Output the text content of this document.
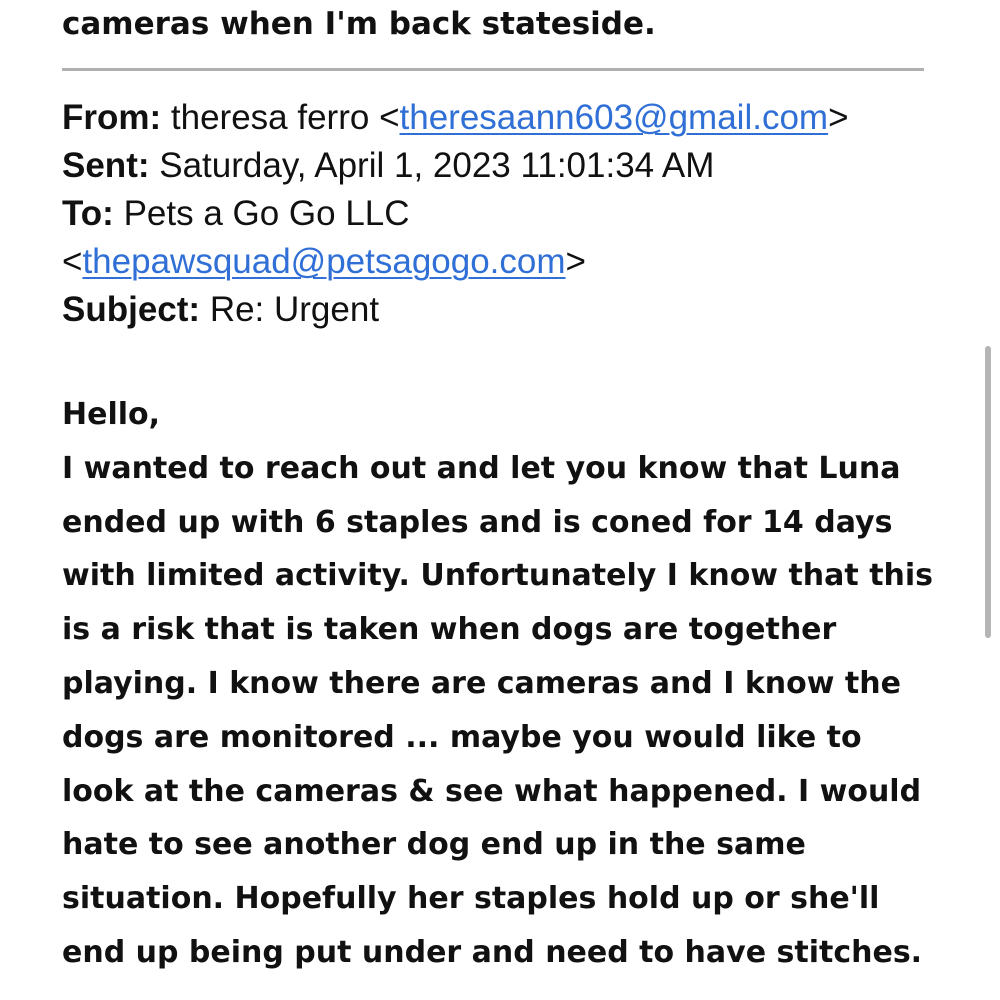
cameras when I'm back stateside.

From: theresa ferro <theresaann603@gmail.com>
Sent: Saturday, April 1, 2023 11:01:34 AM
To: Pets a Go Go LLC
<thepawsquad@petsagogo.com>
Subject: Re: Urgent
Hello,
I wanted to reach out and let you know that Luna
ended up with 6 staples and is coned for 14 days
with limited activity. Unfortunately I know that this
is a risk that is taken when dogs are together
playing. I know there are cameras and I know the
dogs are monitored ... maybe you would like to
look at the cameras & see what happened. I would
hate to see another dog end up in the same
situation. Hopefully her staples hold up or she'll
end up being put under and need to have stitches.
